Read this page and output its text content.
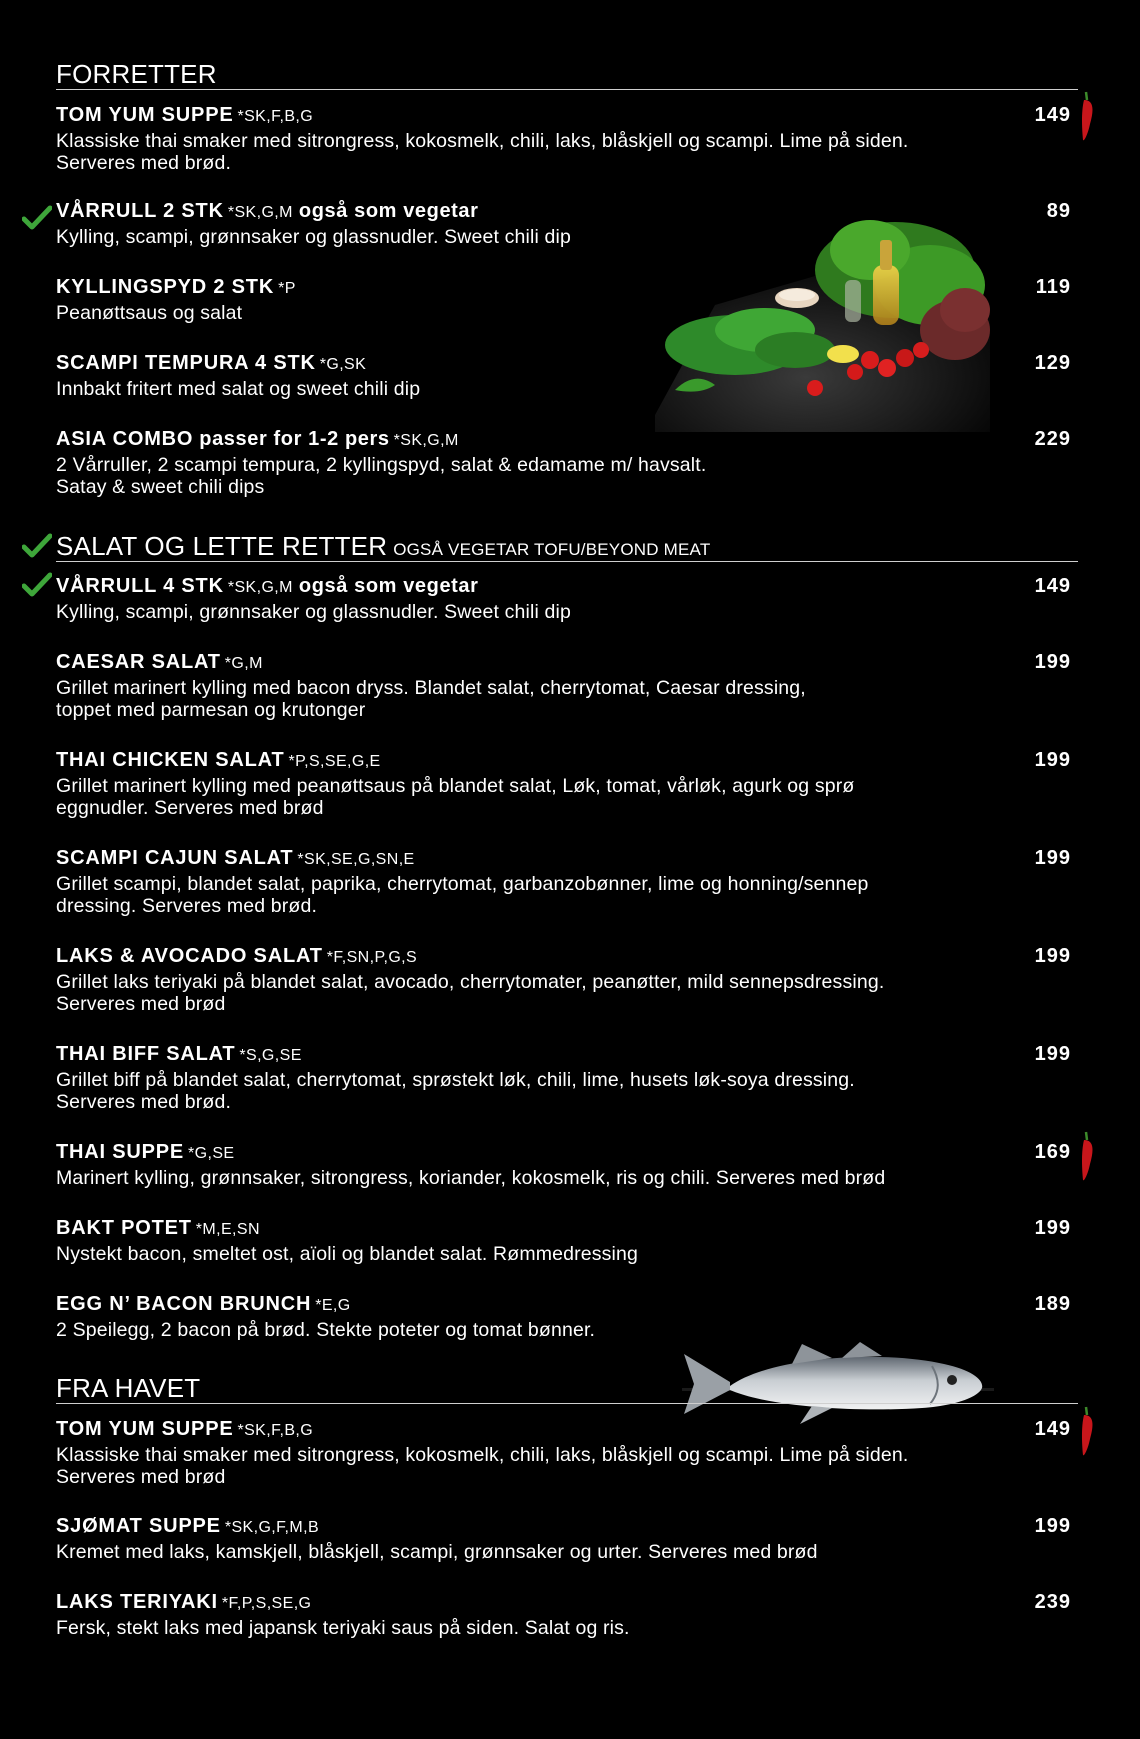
FORRETTER
TOM YUM SUPPE *SK,F,B,G	149
Klassiske thai smaker med sitrongress, kokosmelk, chili, laks, blåskjell og scampi. Lime på siden.
Serveres med brød.
VÅRRULL 2 STK *SK,G,M også som vegetar	89
Kylling, scampi, grønnsaker og glassnudler. Sweet chili dip
KYLLINGSPYD 2 STK *P	119
Peanøttsaus og salat
SCAMPI TEMPURA 4 STK *G,SK	129
Innbakt fritert med salat og sweet chili dip
ASIA COMBO passer for 1-2 pers *SK,G,M	229
2 Vårruller, 2 scampi tempura, 2 kyllingspyd, salat & edamame m/ havsalt.
Satay & sweet chili dips
SALAT OG LETTE RETTER OGSÅ VEGETAR TOFU/BEYOND MEAT
VÅRRULL 4 STK *SK,G,M også som vegetar	149
Kylling, scampi, grønnsaker og glassnudler. Sweet chili dip
CAESAR SALAT *G,M	199
Grillet marinert kylling med bacon dryss. Blandet salat, cherrytomat, Caesar dressing,
toppet med parmesan og krutonger
THAI CHICKEN SALAT *P,S,SE,G,E	199
Grillet marinert kylling med peanøttsaus på blandet salat, Løk, tomat, vårløk, agurk og sprø
eggnudler. Serveres med brød
SCAMPI CAJUN SALAT *SK,SE,G,SN,E	199
Grillet scampi, blandet salat, paprika, cherrytomat, garbanzobønner, lime og honning/sennep
dressing. Serveres med brød.
LAKS & AVOCADO SALAT *F,SN,P,G,S	199
Grillet laks teriyaki på blandet salat, avocado, cherrytomater, peanøtter, mild sennepsdressing.
Serveres med brød
THAI BIFF SALAT *S,G,SE	199
Grillet biff på blandet salat, cherrytomat, sprøstekt løk, chili, lime, husets løk-soya dressing.
Serveres med brød.
THAI SUPPE *G,SE	169
Marinert kylling, grønnsaker, sitrongress, koriander, kokosmelk, ris og chili. Serveres med brød
BAKT POTET *M,E,SN	199
Nystekt bacon, smeltet ost, aïoli og blandet salat. Rømmedressing
EGG N’ BACON BRUNCH *E,G	189
2 Speilegg, 2 bacon på brød. Stekte poteter og tomat bønner.
FRA HAVET
TOM YUM SUPPE *SK,F,B,G	149
Klassiske thai smaker med sitrongress, kokosmelk, chili, laks, blåskjell og scampi. Lime på siden.
Serveres med brød
SJØMAT SUPPE *SK,G,F,M,B	199
Kremet med laks, kamskjell, blåskjell, scampi, grønnsaker og urter. Serveres med brød
LAKS TERIYAKI *F,P,S,SE,G	239
Fersk, stekt laks med japansk teriyaki saus på siden. Salat og ris.
